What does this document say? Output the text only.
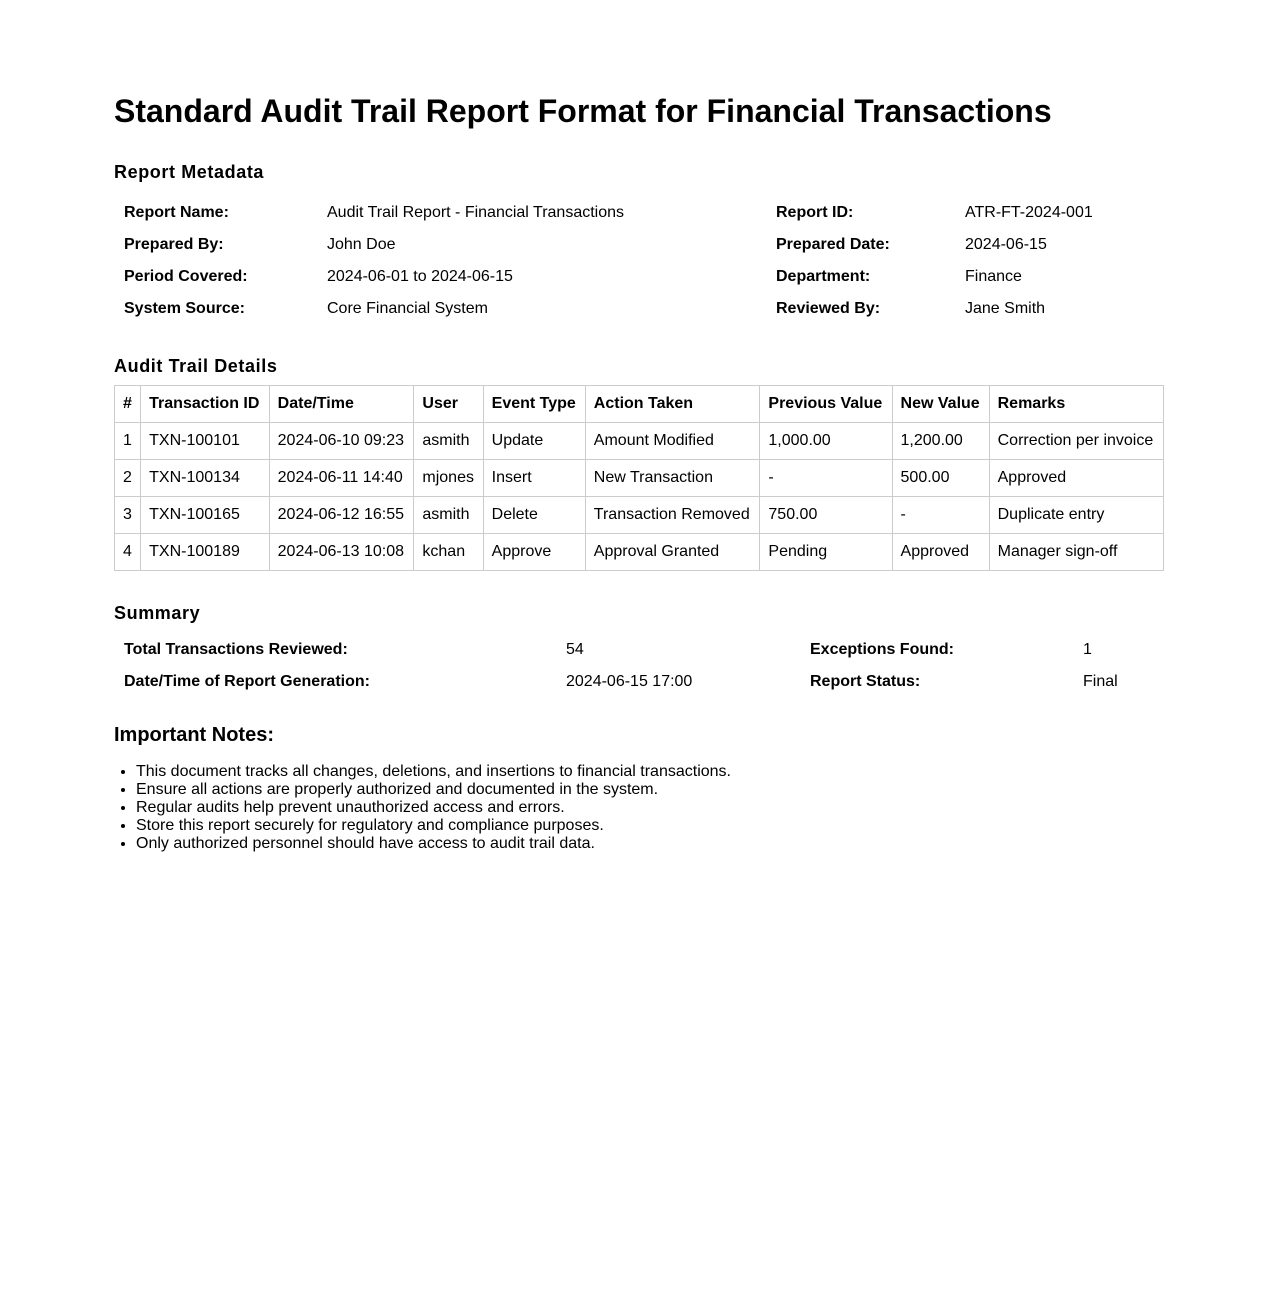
Standard Audit Trail Report Format for Financial Transactions
Report Metadata
Report Name:	Audit Trail Report - Financial Transactions	Report ID:	ATR-FT-2024-001
Prepared By:	John Doe	Prepared Date:	2024-06-15
Period Covered:	2024-06-01 to 2024-06-15	Department:	Finance
System Source:	Core Financial System	Reviewed By:	Jane Smith
Audit Trail Details
#	Transaction ID	Date/Time	User	Event Type	Action Taken	Previous Value	New Value	Remarks
1	TXN-100101	2024-06-10 09:23	asmith	Update	Amount Modified	1,000.00	1,200.00	Correction per invoice
2	TXN-100134	2024-06-11 14:40	mjones	Insert	New Transaction	-	500.00	Approved
3	TXN-100165	2024-06-12 16:55	asmith	Delete	Transaction Removed	750.00	-	Duplicate entry
4	TXN-100189	2024-06-13 10:08	kchan	Approve	Approval Granted	Pending	Approved	Manager sign-off
Summary
Total Transactions Reviewed:	54	Exceptions Found:	1
Date/Time of Report Generation:	2024-06-15 17:00	Report Status:	Final
Important Notes:
• This document tracks all changes, deletions, and insertions to financial transactions.
• Ensure all actions are properly authorized and documented in the system.
• Regular audits help prevent unauthorized access and errors.
• Store this report securely for regulatory and compliance purposes.
• Only authorized personnel should have access to audit trail data.
